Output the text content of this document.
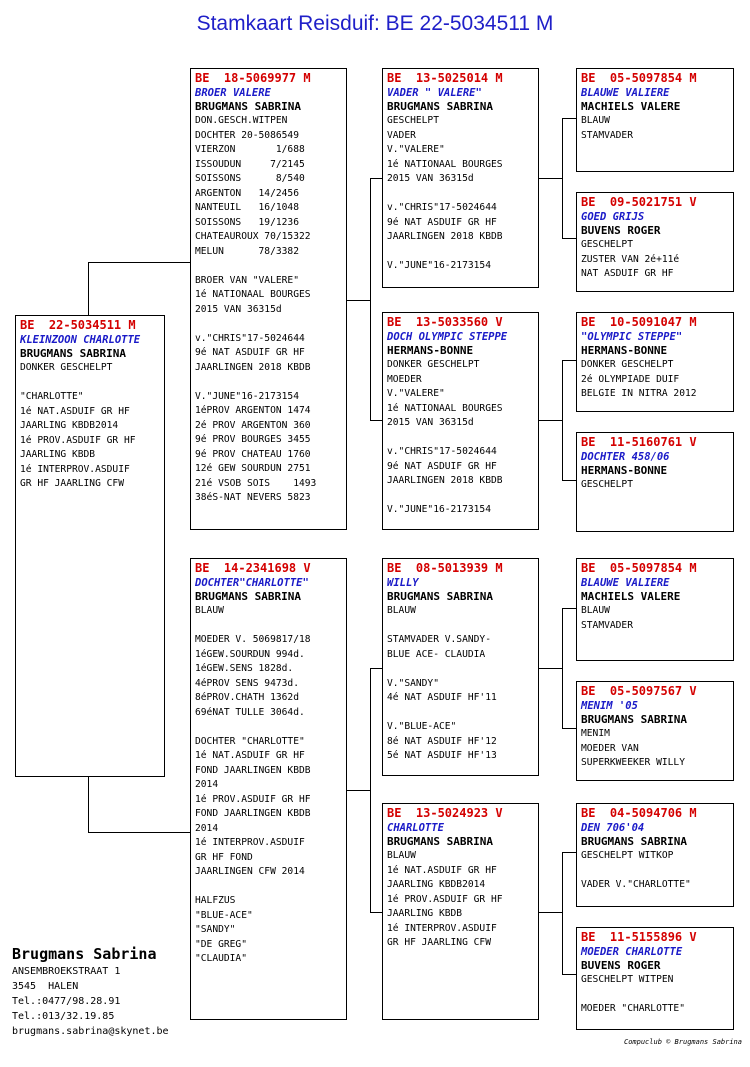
Stamkaart Reisduif: BE 22-5034511 M
BE  22-5034511 M
KLEINZOON CHARLOTTE
BRUGMANS SABRINA
DONKER GESCHELPT

"CHARLOTTE"
1é NAT.ASDUIF GR HF
JAARLING KBDB2014
1é PROV.ASDUIF GR HF
JAARLING KBDB
1é INTERPROV.ASDUIF
GR HF JAARLING CFW
BE  18-5069977 M
BROER VALERE
BRUGMANS SABRINA
DON.GESCH.WITPEN
DOCHTER 20-5086549
VIERZON       1/688
ISSOUDUN     7/2145
SOISSONS      8/540
ARGENTON   14/2456
NANTEUIL   16/1048
SOISSONS   19/1236
CHATEAUROUX 70/15322
MELUN      78/3382

BROER VAN "VALERE"
1é NATIONAAL BOURGES
2015 VAN 36315d

v."CHRIS"17-5024644
9é NAT ASDUIF GR HF
JAARLINGEN 2018 KBDB

V."JUNE"16-2173154
1éPROV ARGENTON 1474
2é PROV ARGENTON 360
9é PROV BOURGES 3455
9é PROV CHATEAU 1760
12é GEW SOURDUN 2751
21é VSOB SOIS    1493
38éS-NAT NEVERS 5823
BE  14-2341698 V
DOCHTER"CHARLOTTE"
BRUGMANS SABRINA
BLAUW

MOEDER V. 5069817/18
1éGEW.SOURDUN 994d.
1éGEW.SENS 1828d.
4éPROV SENS 9473d.
8éPROV.CHATH 1362d
69éNAT TULLE 3064d.

DOCHTER "CHARLOTTE"
1é NAT.ASDUIF GR HF
FOND JAARLINGEN KBDB
2014
1é PROV.ASDUIF GR HF
FOND JAARLINGEN KBDB
2014
1é INTERPROV.ASDUIF
GR HF FOND
JAARLINGEN CFW 2014

HALFZUS
"BLUE-ACE"
"SANDY"
"DE GREG"
"CLAUDIA"
BE  13-5025014 M
VADER " VALERE"
BRUGMANS SABRINA
GESCHELPT
VADER
V."VALERE"
1é NATIONAAL BOURGES
2015 VAN 36315d

v."CHRIS"17-5024644
9é NAT ASDUIF GR HF
JAARLINGEN 2018 KBDB

V."JUNE"16-2173154
BE  13-5033560 V
DOCH OLYMPIC STEPPE
HERMANS-BONNE
DONKER GESCHELPT
MOEDER
V."VALERE"
1é NATIONAAL BOURGES
2015 VAN 36315d

v."CHRIS"17-5024644
9é NAT ASDUIF GR HF
JAARLINGEN 2018 KBDB

V."JUNE"16-2173154
BE  08-5013939 M
WILLY
BRUGMANS SABRINA
BLAUW

STAMVADER V.SANDY-
BLUE ACE- CLAUDIA

V."SANDY"
4é NAT ASDUIF HF'11

V."BLUE-ACE"
8é NAT ASDUIF HF'12
5é NAT ASDUIF HF'13
BE  13-5024923 V
CHARLOTTE
BRUGMANS SABRINA
BLAUW
1é NAT.ASDUIF GR HF
JAARLING KBDB2014
1é PROV.ASDUIF GR HF
JAARLING KBDB
1é INTERPROV.ASDUIF
GR HF JAARLING CFW
BE  05-5097854 M
BLAUWE VALIERE
MACHIELS VALERE
BLAUW
STAMVADER
BE  09-5021751 V
GOED GRIJS
BUVENS ROGER
GESCHELPT
ZUSTER VAN 2é+11é
NAT ASDUIF GR HF
BE  10-5091047 M
"OLYMPIC STEPPE"
HERMANS-BONNE
DONKER GESCHELPT
2é OLYMPIADE DUIF
BELGIE IN NITRA 2012
BE  11-5160761 V
DOCHTER 458/06
HERMANS-BONNE
GESCHELPT
BE  05-5097854 M
BLAUWE VALIERE
MACHIELS VALERE
BLAUW
STAMVADER
BE  05-5097567 V
MENIM '05
BRUGMANS SABRINA
MENIM
MOEDER VAN
SUPERKWEEKER WILLY
BE  04-5094706 M
DEN 706'04
BRUGMANS SABRINA
GESCHELPT WITKOP

VADER V."CHARLOTTE"
BE  11-5155896 V
MOEDER CHARLOTTE
BUVENS ROGER
GESCHELPT WITPEN

MOEDER "CHARLOTTE"
Brugmans Sabrina
ANSEMBROEKSTRAAT 1
3545  HALEN
Tel.:0477/98.28.91
Tel.:013/32.19.85
brugmans.sabrina@skynet.be
Compuclub © Brugmans Sabrina
